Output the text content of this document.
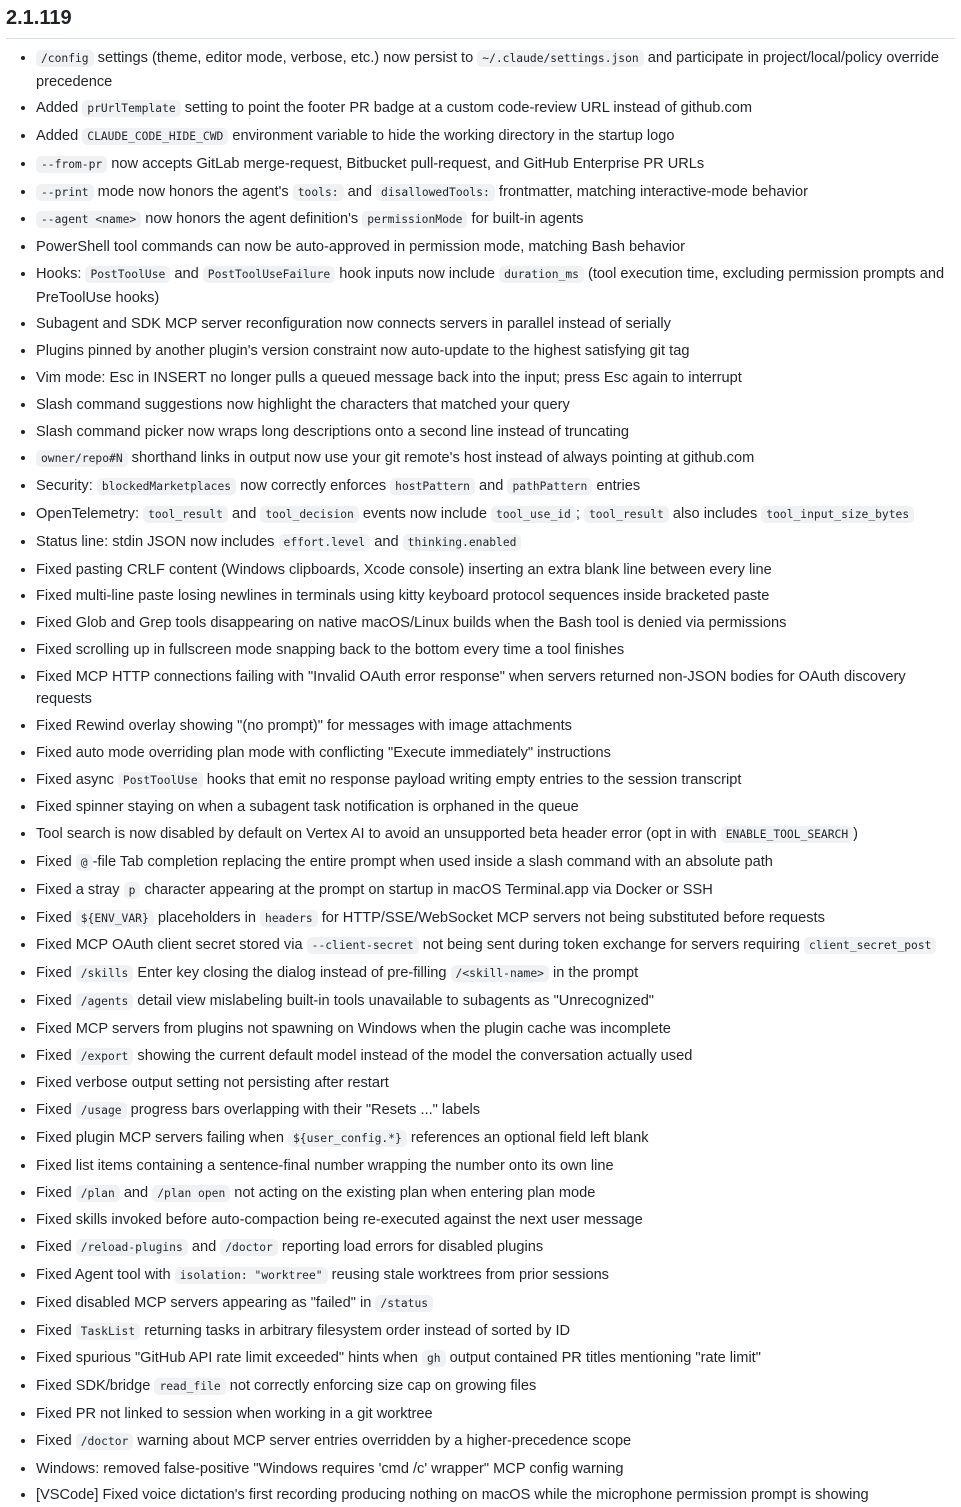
2.1.119
• /config settings (theme, editor mode, verbose, etc.) now persist to ~/.claude/settings.json and participate in project/local/policy override precedence
• Added prUrlTemplate setting to point the footer PR badge at a custom code-review URL instead of github.com
• Added CLAUDE_CODE_HIDE_CWD environment variable to hide the working directory in the startup logo
• --from-pr now accepts GitLab merge-request, Bitbucket pull-request, and GitHub Enterprise PR URLs
• --print mode now honors the agent's tools: and disallowedTools: frontmatter, matching interactive-mode behavior
• --agent <name> now honors the agent definition's permissionMode for built-in agents
• PowerShell tool commands can now be auto-approved in permission mode, matching Bash behavior
• Hooks: PostToolUse and PostToolUseFailure hook inputs now include duration_ms (tool execution time, excluding permission prompts and PreToolUse hooks)
• Subagent and SDK MCP server reconfiguration now connects servers in parallel instead of serially
• Plugins pinned by another plugin's version constraint now auto-update to the highest satisfying git tag
• Vim mode: Esc in INSERT no longer pulls a queued message back into the input; press Esc again to interrupt
• Slash command suggestions now highlight the characters that matched your query
• Slash command picker now wraps long descriptions onto a second line instead of truncating
• owner/repo#N shorthand links in output now use your git remote's host instead of always pointing at github.com
• Security: blockedMarketplaces now correctly enforces hostPattern and pathPattern entries
• OpenTelemetry: tool_result and tool_decision events now include tool_use_id ; tool_result also includes tool_input_size_bytes
• Status line: stdin JSON now includes effort.level and thinking.enabled
• Fixed pasting CRLF content (Windows clipboards, Xcode console) inserting an extra blank line between every line
• Fixed multi-line paste losing newlines in terminals using kitty keyboard protocol sequences inside bracketed paste
• Fixed Glob and Grep tools disappearing on native macOS/Linux builds when the Bash tool is denied via permissions
• Fixed scrolling up in fullscreen mode snapping back to the bottom every time a tool finishes
• Fixed MCP HTTP connections failing with "Invalid OAuth error response" when servers returned non-JSON bodies for OAuth discovery requests
• Fixed Rewind overlay showing "(no prompt)" for messages with image attachments
• Fixed auto mode overriding plan mode with conflicting "Execute immediately" instructions
• Fixed async PostToolUse hooks that emit no response payload writing empty entries to the session transcript
• Fixed spinner staying on when a subagent task notification is orphaned in the queue
• Tool search is now disabled by default on Vertex AI to avoid an unsupported beta header error (opt in with ENABLE_TOOL_SEARCH )
• Fixed @ -file Tab completion replacing the entire prompt when used inside a slash command with an absolute path
• Fixed a stray p character appearing at the prompt on startup in macOS Terminal.app via Docker or SSH
• Fixed ${ENV_VAR} placeholders in headers for HTTP/SSE/WebSocket MCP servers not being substituted before requests
• Fixed MCP OAuth client secret stored via --client-secret not being sent during token exchange for servers requiring client_secret_post
• Fixed /skills Enter key closing the dialog instead of pre-filling /<skill-name> in the prompt
• Fixed /agents detail view mislabeling built-in tools unavailable to subagents as "Unrecognized"
• Fixed MCP servers from plugins not spawning on Windows when the plugin cache was incomplete
• Fixed /export showing the current default model instead of the model the conversation actually used
• Fixed verbose output setting not persisting after restart
• Fixed /usage progress bars overlapping with their "Resets ..." labels
• Fixed plugin MCP servers failing when ${user_config.*} references an optional field left blank
• Fixed list items containing a sentence-final number wrapping the number onto its own line
• Fixed /plan and /plan open not acting on the existing plan when entering plan mode
• Fixed skills invoked before auto-compaction being re-executed against the next user message
• Fixed /reload-plugins and /doctor reporting load errors for disabled plugins
• Fixed Agent tool with isolation: "worktree" reusing stale worktrees from prior sessions
• Fixed disabled MCP servers appearing as "failed" in /status
• Fixed TaskList returning tasks in arbitrary filesystem order instead of sorted by ID
• Fixed spurious "GitHub API rate limit exceeded" hints when gh output contained PR titles mentioning "rate limit"
• Fixed SDK/bridge read_file not correctly enforcing size cap on growing files
• Fixed PR not linked to session when working in a git worktree
• Fixed /doctor warning about MCP server entries overridden by a higher-precedence scope
• Windows: removed false-positive "Windows requires 'cmd /c' wrapper" MCP config warning
• [VSCode] Fixed voice dictation's first recording producing nothing on macOS while the microphone permission prompt is showing
